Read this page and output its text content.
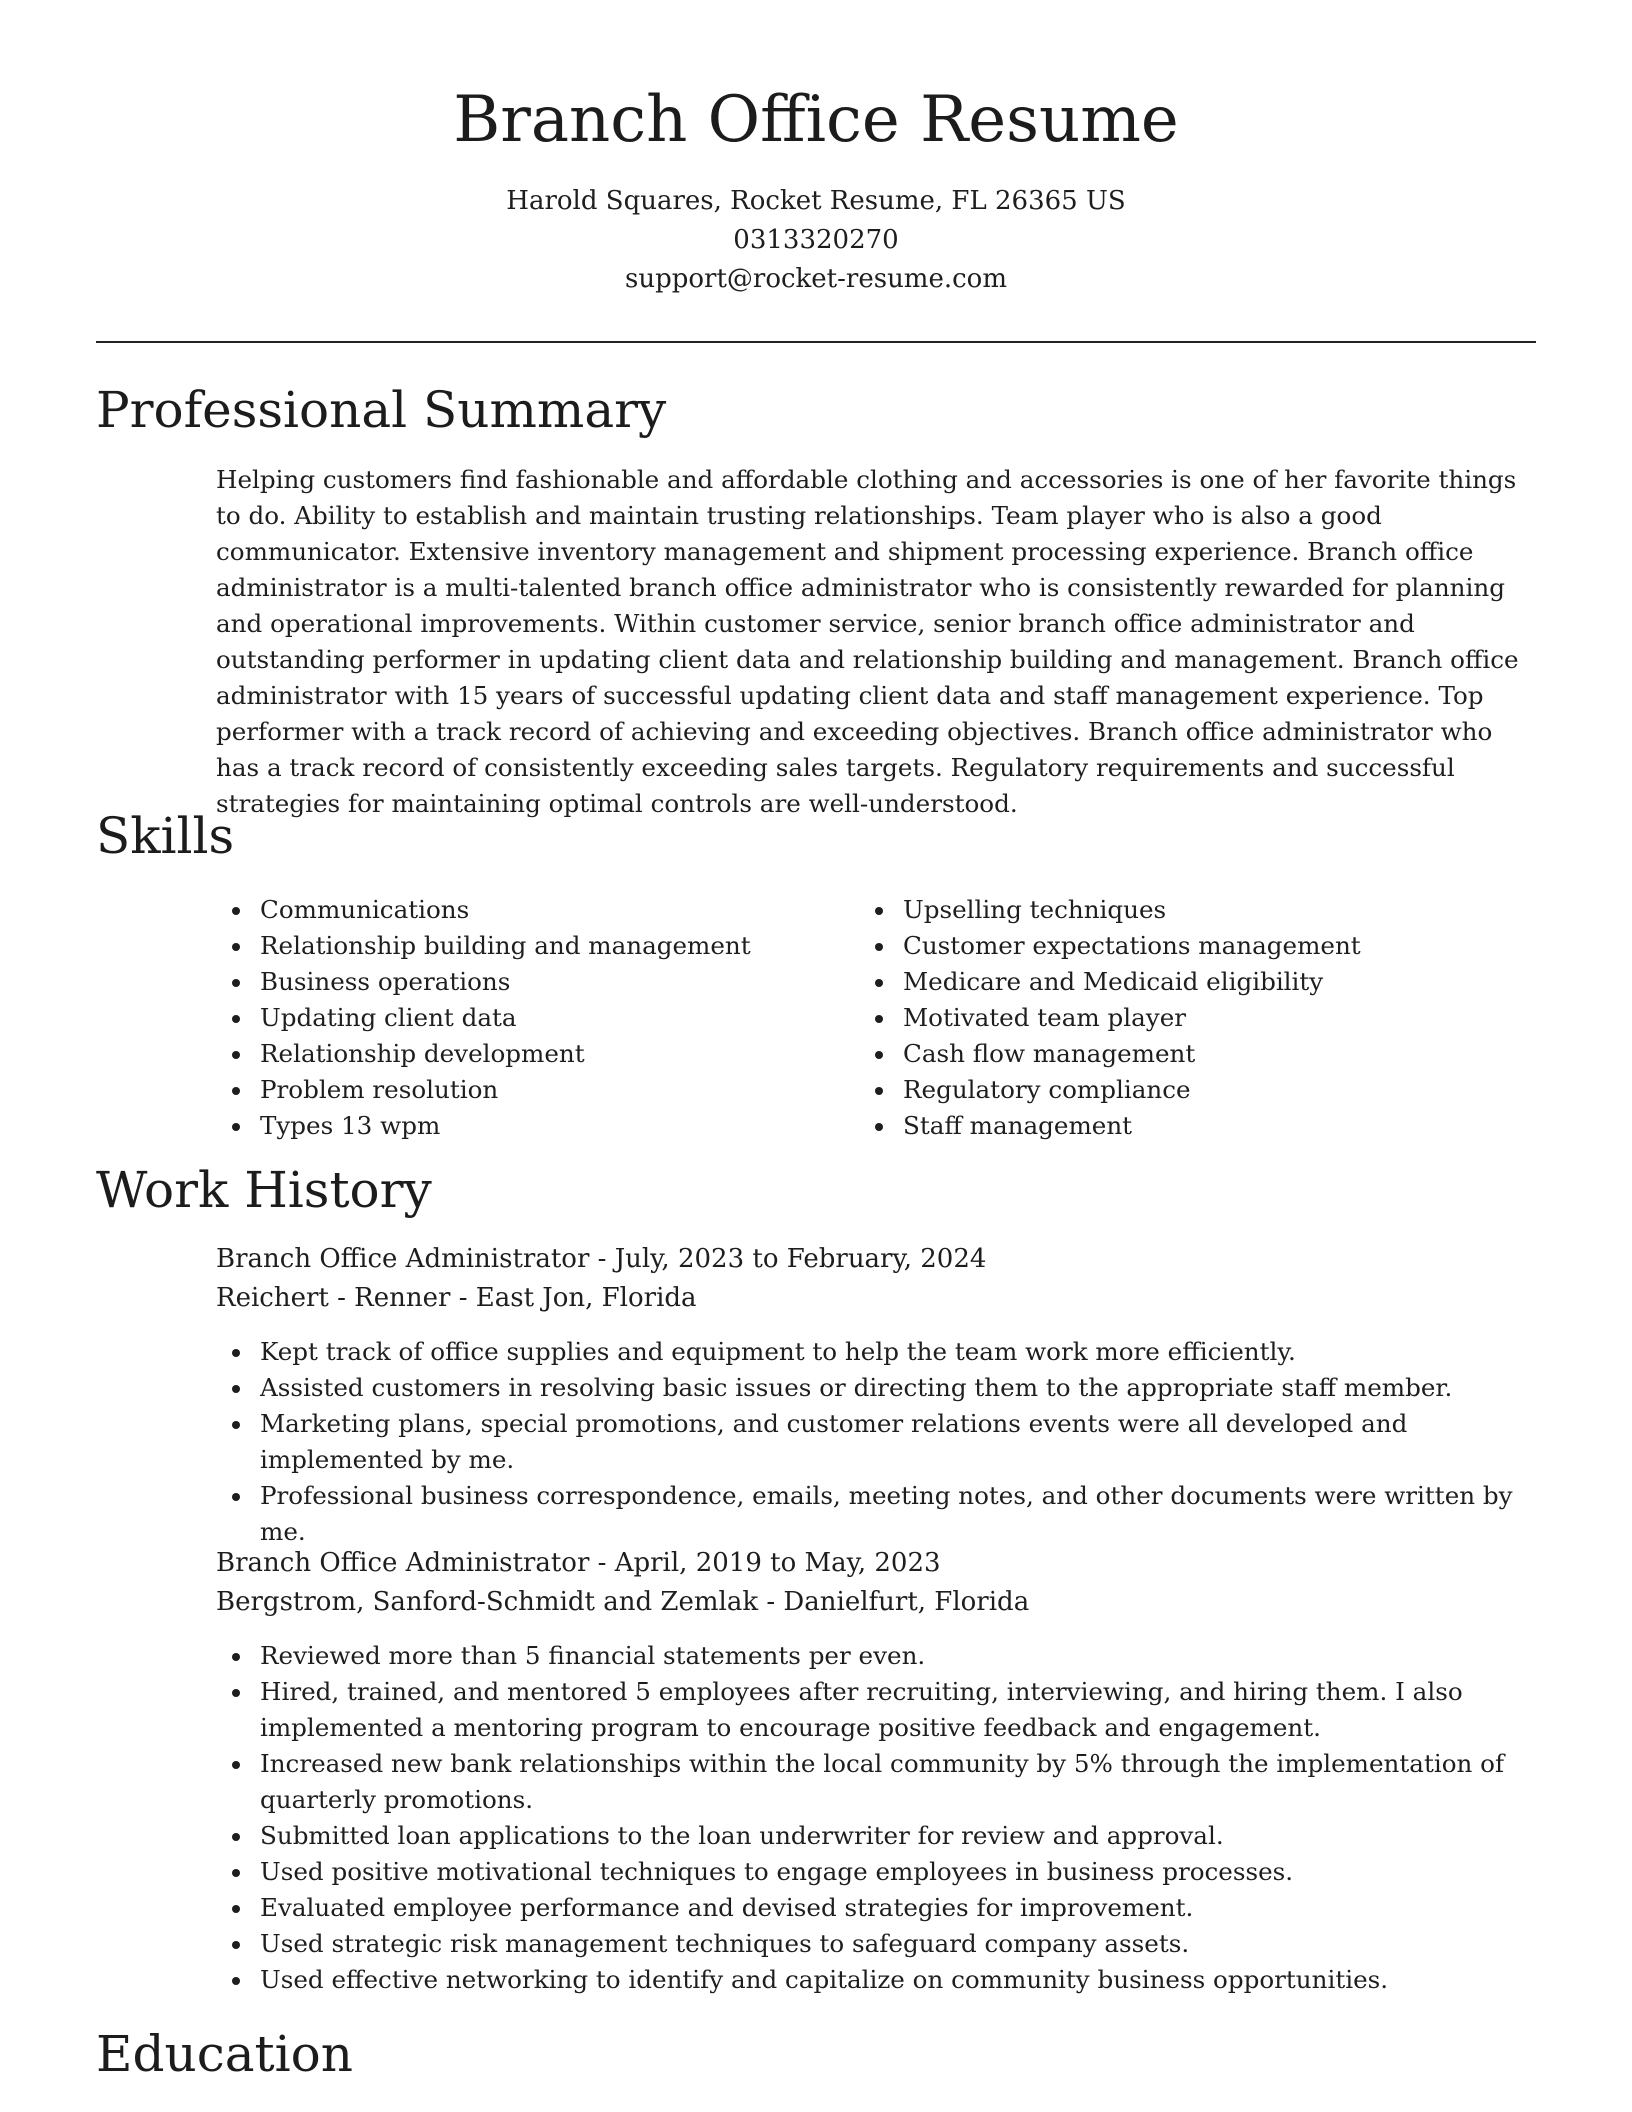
Branch Office Resume
Harold Squares, Rocket Resume, FL 26365 US
0313320270
support@rocket-resume.com
Professional Summary

Helping customers find fashionable and affordable clothing and accessories is one of her favorite things to do. Ability to establish and maintain trusting relationships. Team player who is also a good communicator. Extensive inventory management and shipment processing experience. Branch office administrator is a multi-talented branch office administrator who is consistently rewarded for planning and operational improvements. Within customer service, senior branch office administrator and outstanding performer in updating client data and relationship building and management. Branch office administrator with 15 years of successful updating client data and staff management experience. Top performer with a track record of achieving and exceeding objectives. Branch office administrator who has a track record of consistently exceeding sales targets. Regulatory requirements and successful strategies for maintaining optimal controls are well-understood.

Skills
Communications
Relationship building and management
Business operations
Updating client data
Relationship development
Problem resolution
Types 13 wpm
Upselling techniques
Customer expectations management
Medicare and Medicaid eligibility
Motivated team player
Cash flow management
Regulatory compliance
Staff management
Work History
Branch Office Administrator - July, 2023 to February, 2024
Reichert - Renner - East Jon, Florida
Kept track of office supplies and equipment to help the team work more efficiently.
Assisted customers in resolving basic issues or directing them to the appropriate staff member.
Marketing plans, special promotions, and customer relations events were all developed and implemented by me.
Professional business correspondence, emails, meeting notes, and other documents were written by me.
Branch Office Administrator - April, 2019 to May, 2023
Bergstrom, Sanford-Schmidt and Zemlak - Danielfurt, Florida
Reviewed more than 5 financial statements per even.
Hired, trained, and mentored 5 employees after recruiting, interviewing, and hiring them. I also implemented a mentoring program to encourage positive feedback and engagement.
Increased new bank relationships within the local community by 5% through the implementation of quarterly promotions.
Submitted loan applications to the loan underwriter for review and approval.
Used positive motivational techniques to engage employees in business processes.
Evaluated employee performance and devised strategies for improvement.
Used strategic risk management techniques to safeguard company assets.
Used effective networking to identify and capitalize on community business opportunities.
Education
